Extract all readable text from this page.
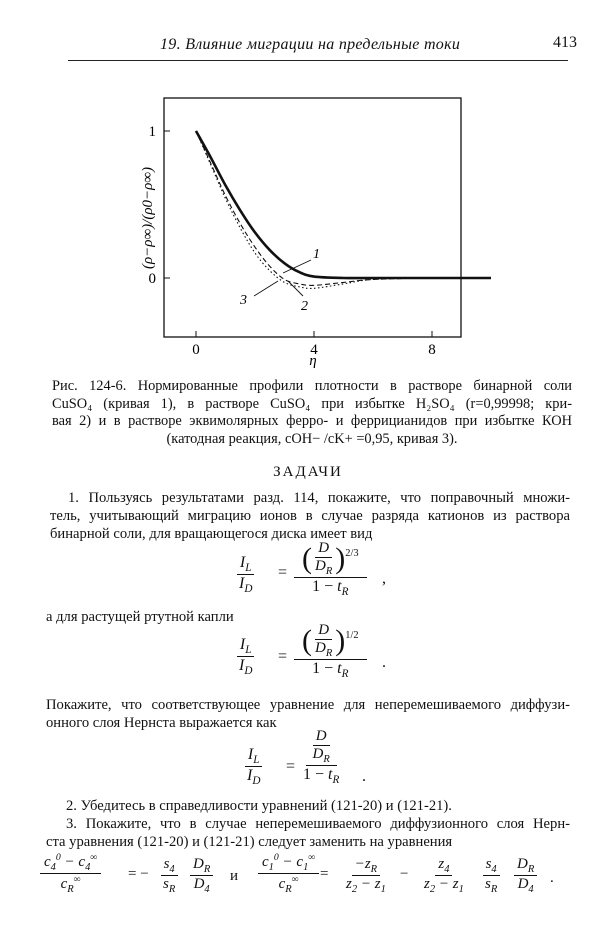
19. Влияние миграции на предельные токи	413
0	4	8
0
1
(ρ−ρ∞)/(ρ0−ρ∞)
η
1
2
3
Рис. 124-6. Нормированные профили плотности в растворе бинарной соли
CuSO₄ (кривая 1), в растворе CuSO₄ при избытке H₂SO₄ (r=0,99998; кри-
вая 2) и в растворе эквимолярных ферро- и феррицианидов при избытке КОН
(катодная реакция, cOH− /cK+ =0,95, кривая 3).
ЗАДАЧИ
1. Пользуясь результатами разд. 114, покажите, что поправочный множи-
тель, учитывающий миграцию ионов в случае разряда катионов из раствора
бинарной соли, для вращающегося диска имеет вид
$\frac{I_L}{I_D} = \frac{( \frac{D}{D_R} )^{2/3}}{1 - t_R}$ ,
а для растущей ртутной капли
$\frac{I_L}{I_D} = \frac{( \frac{D}{D_R} )^{1/2}}{1 - t_R}$ .
Покажите, что соответствующее уравнение для неперемешиваемого диффузи-
онного слоя Нернста выражается как
$\frac{I_L}{I_D} = \frac{\frac{D}{D_R}}{1 - t_R}$ .
2. Убедитесь в справедливости уравнений (121-20) и (121-21).
3. Покажите, что в случае неперемешиваемого диффузионного слоя Нерн-
ста уравнения (121-20) и (121-21) следует заменить на уравнения
$\frac{c_4^0 - c_4^\infty}{c_R^\infty}$ = − $\frac{s_4}{s_R} \frac{D_R}{D_4}$ и $\frac{c_1^0 - c_1^\infty}{c_R^\infty} = \frac{-z_R}{z_2 - z_1} - \frac{z_4}{z_2 - z_1} \frac{s_4}{s_R} \frac{D_R}{D_4}$ .
